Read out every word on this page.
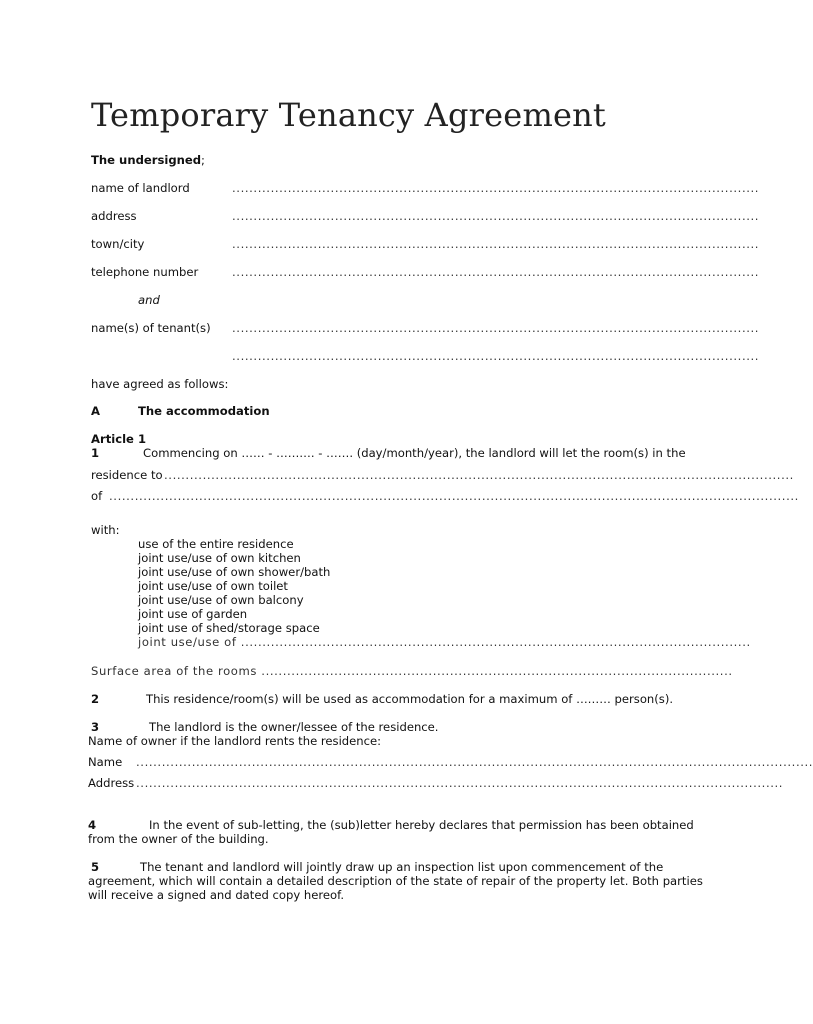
Temporary Tenancy Agreement
The undersigned;
name of landlord	...........................................................................................................................
address	...........................................................................................................................
town/city	...........................................................................................................................
telephone number	...........................................................................................................................
and
name(s) of tenant(s) ...........................................................................................................................
...........................................................................................................................
have agreed as follows:
A	The accommodation
Article 1
1	Commencing on …… - ………. - ……. (day/month/year), the landlord will let the room(s) in the
residence to ...................................................................................................................................................
of .................................................................................................................................................................
with:
use of the entire residence
joint use/use of own kitchen
joint use/use of own shower/bath
joint use/use of own toilet
joint use/use of own balcony
joint use of garden
joint use of shed/storage space
joint use/use of .......................................................................................................................
Surface area of the rooms ..............................................................................................................
2	This residence/room(s) will be used as accommodation for a maximum of ……… person(s).
3	The landlord is the owner/lessee of the residence.
Name of owner if the landlord rents the residence:
Name ..............................................................................................................................................................
Address .......................................................................................................................................................
4	In the event of sub-letting, the (sub)letter hereby declares that permission has been obtained
from the owner of the building.
5	The tenant and landlord will jointly draw up an inspection list upon commencement of the
agreement, which will contain a detailed description of the state of repair of the property let. Both parties
will receive a signed and dated copy hereof.
